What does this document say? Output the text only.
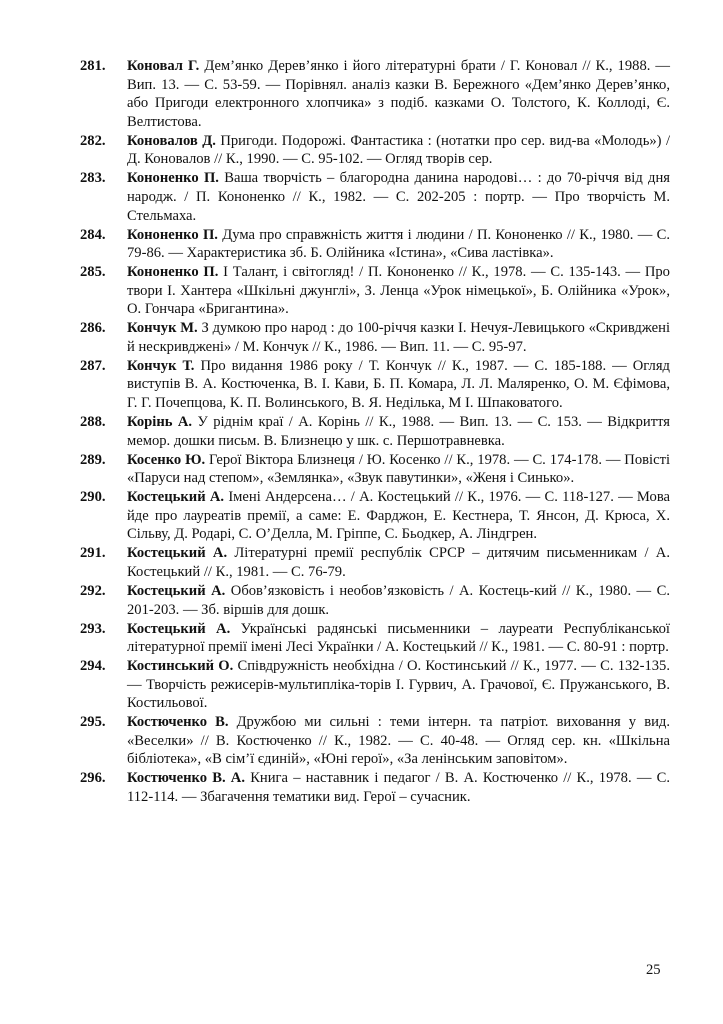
281. Коновал Г. Дем’янко Дерев’янко і його літературні брати / Г. Коновал // К., 1988. — Вип. 13. — С. 53-59. — Порівнял. аналіз казки В. Бережного «Дем’янко Дерев’янко, або Пригоди електронного хлопчика» з подіб. казками О. Толстого, К. Коллоді, Є. Велтистова.
282. Коновалов Д. Пригоди. Подорожі. Фантастика : (нотатки про сер. вид-ва «Молодь») / Д. Коновалов // К., 1990. — С. 95-102. — Огляд творів сер.
283. Кононенко П. Ваша творчість – благородна данина народові… : до 70-річчя від дня народж. / П. Кононенко // К., 1982. — С. 202-205 : портр. — Про творчість М. Стельмаха.
284. Кононенко П. Дума про справжність життя і людини / П. Кононенко // К., 1980. — С. 79-86. — Характеристика зб. Б. Олійника «Істина», «Сива ластівка».
285. Кононенко П. І Талант, і світогляд! / П. Кононенко // К., 1978. — С. 135-143. — Про твори І. Хантера «Шкільні джунглі», З. Ленца «Урок німецької», Б. Олійника «Урок», О. Гончара «Бригантина».
286. Кончук М. З думкою про народ : до 100-річчя казки І. Нечуя-Левицького «Скривджені й нескривджені» / М. Кончук // К., 1986. — Вип. 11. — С. 95-97.
287. Кончук Т. Про видання 1986 року / Т. Кончук // К., 1987. — С. 185-188. — Огляд виступів В. А. Костюченка, В. І. Кави, Б. П. Комара, Л. Л. Маляренко, О. М. Єфімова, Г. Г. Почепцова, К. П. Волинського, В. Я. Неділька, М І. Шпаковатого.
288. Корінь А. У ріднім краї / А. Корінь // К., 1988. — Вип. 13. — С. 153. — Відкриття мемор. дошки письм. В. Близнецю у шк. с. Першотравневка.
289. Косенко Ю. Герої Віктора Близнеця / Ю. Косенко // К., 1978. — С. 174-178. — Повісті «Паруси над степом», «Землянка», «Звук павутинки», «Женя і Синько».
290. Костецький А. Імені Андерсена… / А. Костецький // К., 1976. — С. 118-127. — Мова йде про лауреатів премії, а саме: Е. Фарджон, Е. Кестнера, Т. Янсон, Д. Крюса, Х. Сільву, Д. Родарі, С. О’Делла, М. Гріппе, С. Бьодкер, А. Ліндгрен.
291. Костецький А. Літературні премії республік СРСР – дитячим письменникам / А. Костецький // К., 1981. — С. 76-79.
292. Костецький А. Обов’язковість і необов’язковість / А. Костець-кий // К., 1980. — С. 201-203. — Зб. віршів для дошк.
293. Костецький А. Українські радянські письменники – лауреати Республіканської літературної премії імені Лесі Українки / А. Костецький // К., 1981. — С. 80-91 : портр.
294. Костинський О. Співдружність необхідна / О. Костинський // К., 1977. — С. 132-135. — Творчість режисерів-мультипліка-торів І. Гурвич, А. Грачової, Є. Пружанського, В. Костильової.
295. Костюченко В. Дружбою ми сильні : теми інтерн. та патріот. виховання у вид. «Веселки» // В. Костюченко // К., 1982. — С. 40-48. — Огляд сер. кн. «Шкільна бібліотека», «В сім’ї єдиній», «Юні герої», «За ленінським заповітом».
296. Костюченко В. А. Книга – наставник і педагог / В. А. Костюченко // К., 1978. — С. 112-114. — Збагачення тематики вид. Герої – сучасник.
25
